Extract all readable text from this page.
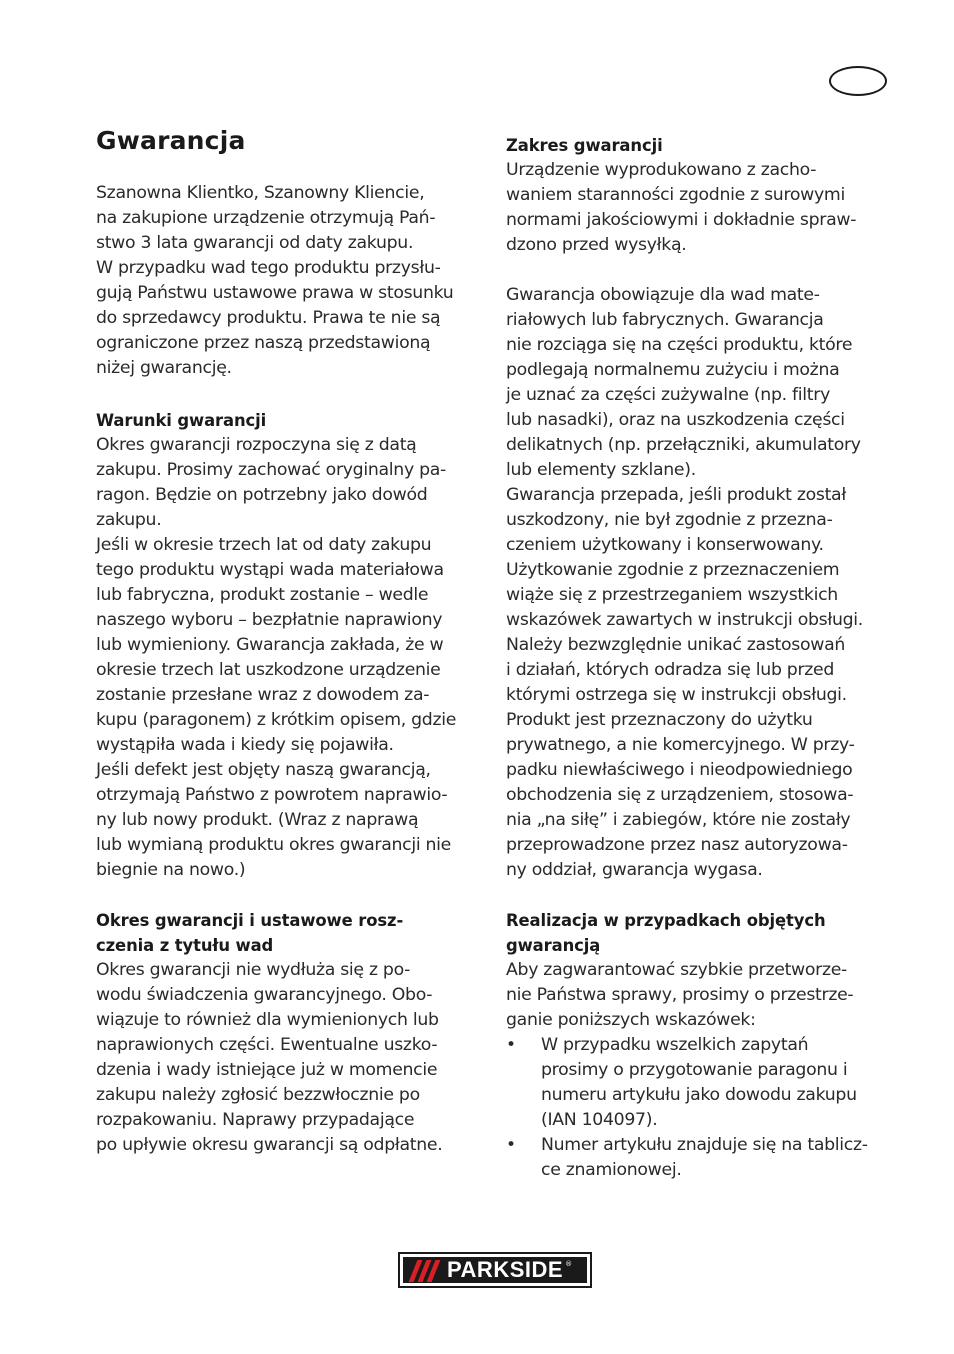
Gwarancja
Szanowna Klientko, Szanowny Kliencie,
na zakupione urządzenie otrzymują Pań-
stwo 3 lata gwarancji od daty zakupu.
W przypadku wad tego produktu przysłu-
gują Państwu ustawowe prawa w stosunku
do sprzedawcy produktu. Prawa te nie są
ograniczone przez naszą przedstawioną
niżej gwarancję.
Warunki gwarancji
Okres gwarancji rozpoczyna się z datą
zakupu. Prosimy zachować oryginalny pa-
ragon. Będzie on potrzebny jako dowód
zakupu.
Jeśli w okresie trzech lat od daty zakupu
tego produktu wystąpi wada materiałowa
lub fabryczna, produkt zostanie – wedle
naszego wyboru – bezpłatnie naprawiony
lub wymieniony. Gwarancja zakłada, że w
okresie trzech lat uszkodzone urządzenie
zostanie przesłane wraz z dowodem za-
kupu (paragonem) z krótkim opisem, gdzie
wystąpiła wada i kiedy się pojawiła.
Jeśli defekt jest objęty naszą gwarancją,
otrzymają Państwo z powrotem naprawio-
ny lub nowy produkt. (Wraz z naprawą
lub wymianą produktu okres gwarancji nie
biegnie na nowo.)
Okres gwarancji i ustawowe rosz-
czenia z tytułu wad
Okres gwarancji nie wydłuża się z po-
wodu świadczenia gwarancyjnego. Obo-
wiązuje to również dla wymienionych lub
naprawionych części. Ewentualne uszko-
dzenia i wady istniejące już w momencie
zakupu należy zgłosić bezzwłocznie po
rozpakowaniu. Naprawy przypadające
po upływie okresu gwarancji są odpłatne.
Zakres gwarancji
Urządzenie wyprodukowano z zacho-
waniem staranności zgodnie z surowymi
normami jakościowymi i dokładnie spraw-
dzono przed wysyłką.
Gwarancja obowiązuje dla wad mate-
riałowych lub fabrycznych. Gwarancja
nie rozciąga się na części produktu, które
podlegają normalnemu zużyciu i można
je uznać za części zużywalne (np. filtry
lub nasadki), oraz na uszkodzenia części
delikatnych (np. przełączniki, akumulatory
lub elementy szklane).
Gwarancja przepada, jeśli produkt został
uszkodzony, nie był zgodnie z przezna-
czeniem użytkowany i konserwowany.
Użytkowanie zgodnie z przeznaczeniem
wiąże się z przestrzeganiem wszystkich
wskazówek zawartych w instrukcji obsługi.
Należy bezwzględnie unikać zastosowań
i działań, których odradza się lub przed
którymi ostrzega się w instrukcji obsługi.
Produkt jest przeznaczony do użytku
prywatnego, a nie komercyjnego. W przy-
padku niewłaściwego i nieodpowiedniego
obchodzenia się z urządzeniem, stosowa-
nia „na siłę” i zabiegów, które nie zostały
przeprowadzone przez nasz autoryzowa-
ny oddział, gwarancja wygasa.
Realizacja w przypadkach objętych
gwarancją
Aby zagwarantować szybkie przetworze-
nie Państwa sprawy, prosimy o przestrze-
ganie poniższych wskazówek:
•	W przypadku wszelkich zapytań
prosimy o przygotowanie paragonu i
numeru artykułu jako dowodu zakupu
(IAN 104097).
•	Numer artykułu znajduje się na tablicz-
ce znamionowej.
PARKSIDE ®
